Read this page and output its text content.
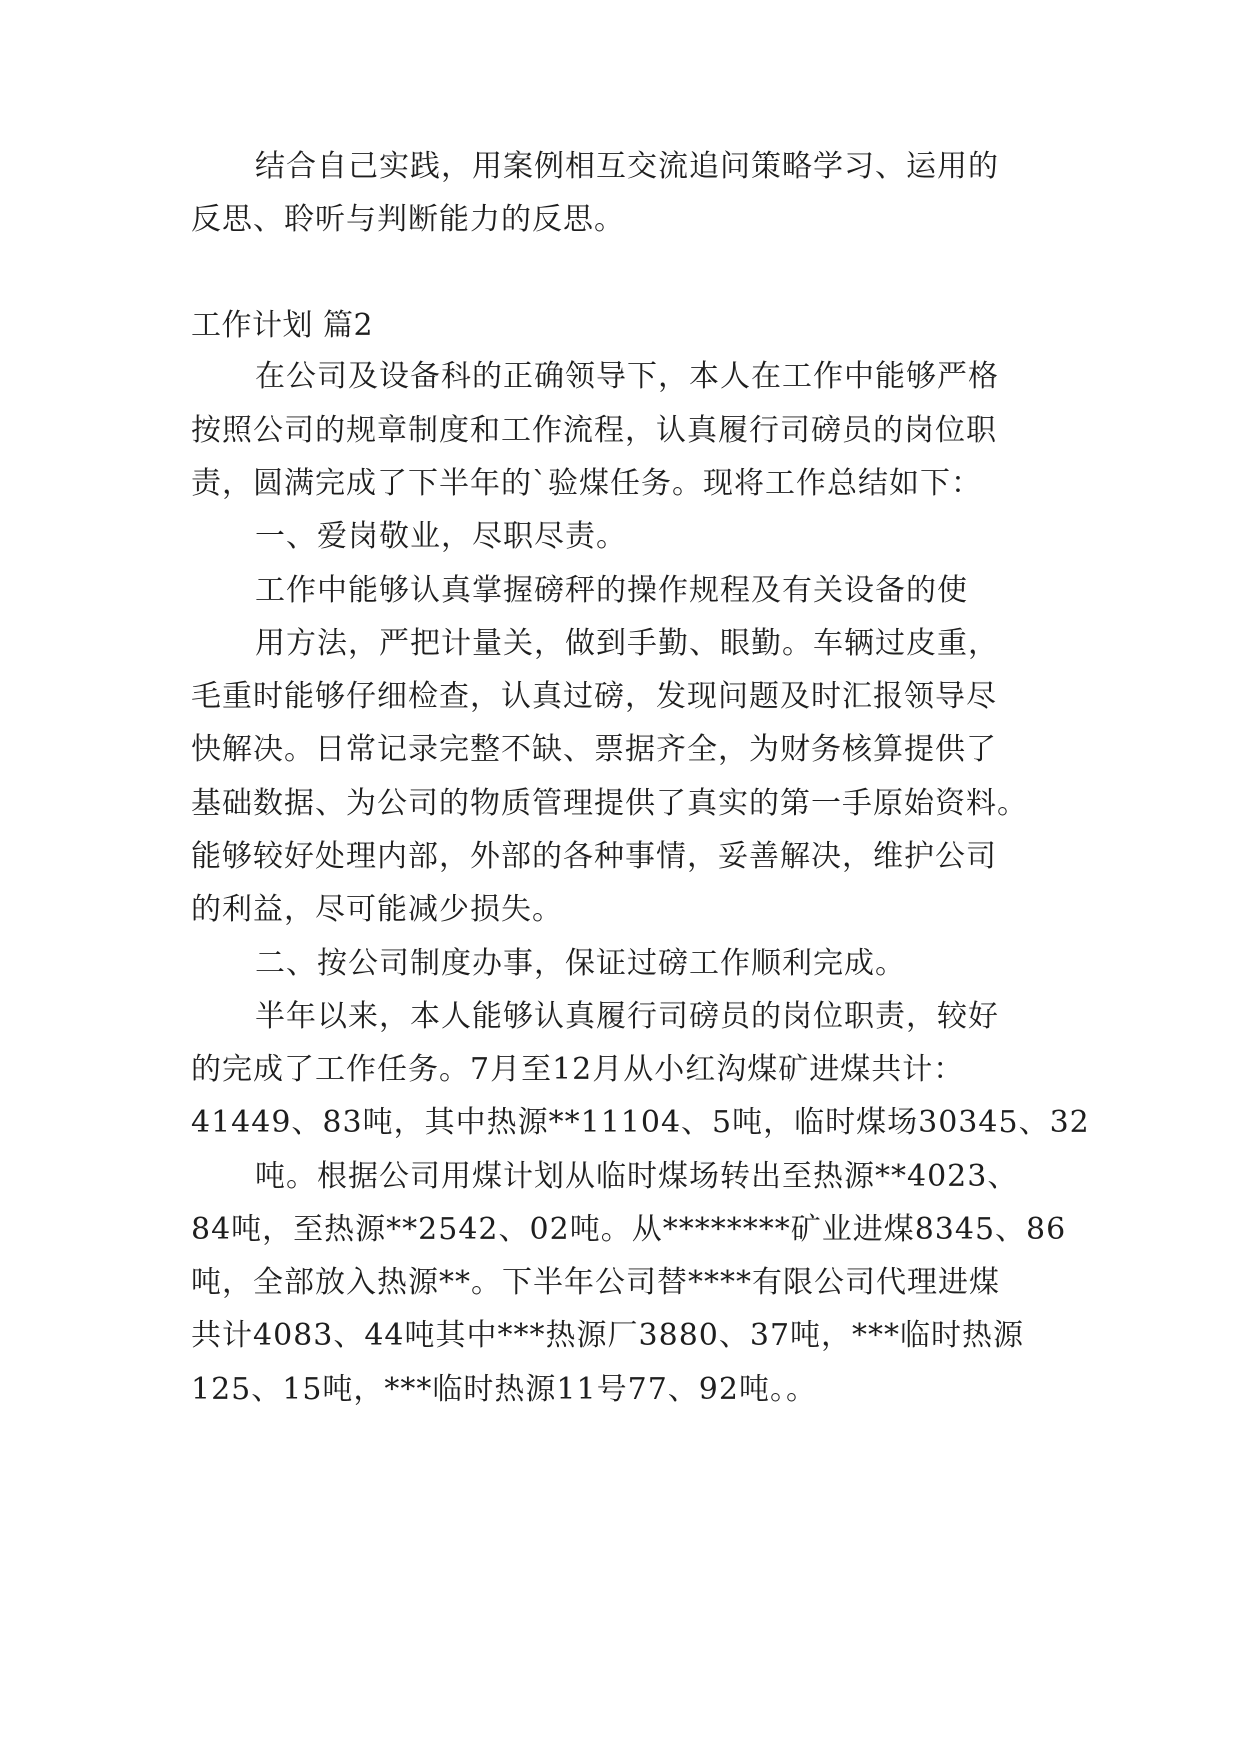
结合自己实践，用案例相互交流追问策略学习、运用的
反思、聆听与判断能力的反思。
工作计划 篇2
在公司及设备科的正确领导下，本人在工作中能够严格
按照公司的规章制度和工作流程，认真履行司磅员的岗位职
责，圆满完成了下半年的`验煤任务。现将工作总结如下：
一、爱岗敬业，尽职尽责。
工作中能够认真掌握磅秤的操作规程及有关设备的使
用方法，严把计量关，做到手勤、眼勤。车辆过皮重，
毛重时能够仔细检查，认真过磅，发现问题及时汇报领导尽
快解决。日常记录完整不缺、票据齐全，为财务核算提供了
基础数据、为公司的物质管理提供了真实的第一手原始资料。
能够较好处理内部，外部的各种事情，妥善解决，维护公司
的利益，尽可能减少损失。
二、按公司制度办事，保证过磅工作顺利完成。
半年以来，本人能够认真履行司磅员的岗位职责，较好
的完成了工作任务。7月至12月从小红沟煤矿进煤共计：
41449、83吨，其中热源**11104、5吨，临时煤场30345、32
吨。根据公司用煤计划从临时煤场转出至热源**4023、
84吨，至热源**2542、02吨。从********矿业进煤8345、86
吨，全部放入热源**。下半年公司替****有限公司代理进煤
共计4083、44吨其中***热源厂3880、37吨，***临时热源
125、15吨，***临时热源11号77、92吨。。
